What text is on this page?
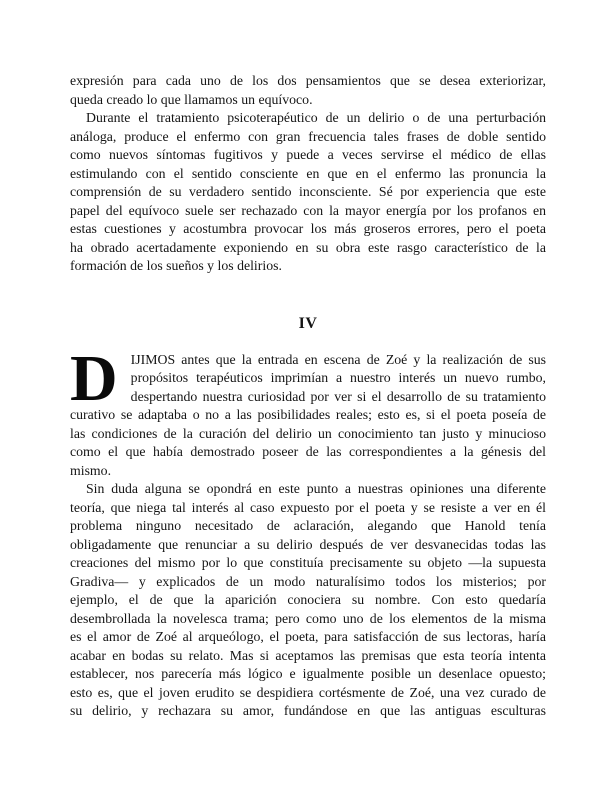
expresión para cada uno de los dos pensamientos que se desea exteriorizar,
queda creado lo que llamamos un equívoco.
Durante el tratamiento psicoterapéutico de un delirio o de una perturbación
análoga, produce el enfermo con gran frecuencia tales frases de doble sentido
como nuevos síntomas fugitivos y puede a veces servirse el médico de ellas
estimulando con el sentido consciente en que en el enfermo las pronuncia la
comprensión de su verdadero sentido inconsciente. Sé por experiencia que este
papel del equívoco suele ser rechazado con la mayor energía por los profanos en
estas cuestiones y acostumbra provocar los más groseros errores, pero el poeta
ha obrado acertadamente exponiendo en su obra este rasgo característico de la
formación de los sueños y los delirios.
IV
D IJIMOS antes que la entrada en escena de Zoé y la realización de sus
propósitos terapéuticos imprimían a nuestro interés un nuevo rumbo,
despertando nuestra curiosidad por ver si el desarrollo de su tratamiento
curativo se adaptaba o no a las posibilidades reales; esto es, si el poeta poseía de
las condiciones de la curación del delirio un conocimiento tan justo y minucioso
como el que había demostrado poseer de las correspondientes a la génesis del
mismo.
Sin duda alguna se opondrá en este punto a nuestras opiniones una diferente
teoría, que niega tal interés al caso expuesto por el poeta y se resiste a ver en él
problema ninguno necesitado de aclaración, alegando que Hanold tenía
obligadamente que renunciar a su delirio después de ver desvanecidas todas las
creaciones del mismo por lo que constituía precisamente su objeto —la supuesta
Gradiva— y explicados de un modo naturalísimo todos los misterios; por
ejemplo, el de que la aparición conociera su nombre. Con esto quedaría
desembrollada la novelesca trama; pero como uno de los elementos de la misma
es el amor de Zoé al arqueólogo, el poeta, para satisfacción de sus lectoras, haría
acabar en bodas su relato. Mas si aceptamos las premisas que esta teoría intenta
establecer, nos parecería más lógico e igualmente posible un desenlace opuesto;
esto es, que el joven erudito se despidiera cortésmente de Zoé, una vez curado de
su delirio, y rechazara su amor, fundándose en que las antiguas esculturas
